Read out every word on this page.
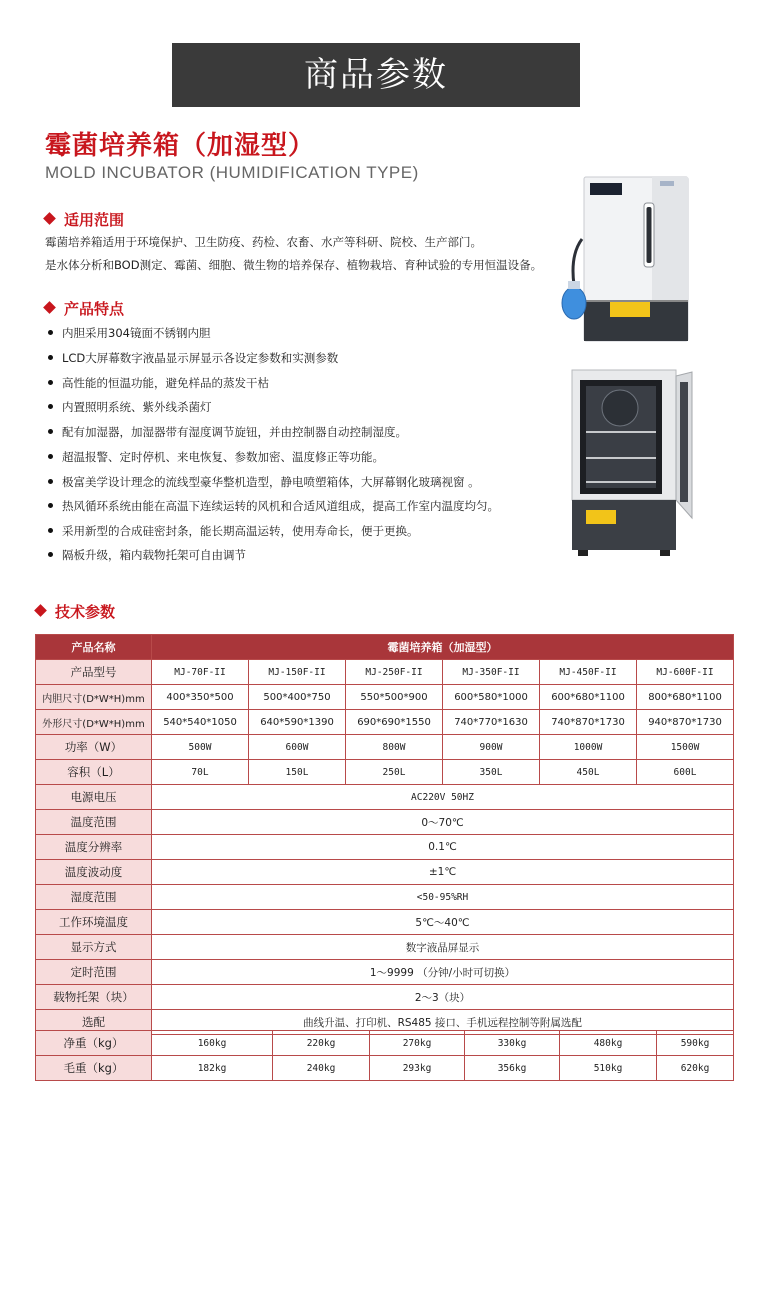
商品参数
霉菌培养箱（加湿型）
MOLD INCUBATOR (HUMIDIFICATION TYPE)
适用范围
霉菌培养箱适用于环境保护、卫生防疫、药检、农畜、水产等科研、院校、生产部门。
是水体分析和BOD测定、霉菌、细胞、微生物的培养保存、植物栽培、育种试验的专用恒温设备。
产品特点
内胆采用304镜面不锈钢内胆
LCD大屏幕数字液晶显示屏显示各设定参数和实测参数
高性能的恒温功能，避免样品的蒸发干枯
内置照明系统、紫外线杀菌灯
配有加湿器，加湿器带有湿度调节旋钮，并由控制器自动控制湿度。
超温报警、定时停机、来电恢复、参数加密、温度修正等功能。
极富美学设计理念的流线型豪华整机造型，静电喷塑箱体，大屏幕钢化玻璃视窗 。
热风循环系统由能在高温下连续运转的风机和合适风道组成，提高工作室内温度均匀。
采用新型的合成硅密封条，能长期高温运转，使用寿命长，便于更换。
隔板升级，箱内载物托架可自由调节
技术参数
产品名称	霉菌培养箱（加湿型）					
产品型号	MJ-70F-II	MJ-150F-II	MJ-250F-II	MJ-350F-II	MJ-450F-II	MJ-600F-II
内胆尺寸(D*W*H)mm	400*350*500	500*400*750	550*500*900	600*580*1000	600*680*1100	800*680*1100
外形尺寸(D*W*H)mm	540*540*1050	640*590*1390	690*690*1550	740*770*1630	740*870*1730	940*870*1730
功率（W）	500W	600W	800W	900W	1000W	1500W
容积（L）	70L	150L	250L	350L	450L	600L
电源电压	AC220V 50HZ					
温度范围	0～70℃					
温度分辨率	0.1℃					
温度波动度	±1℃					
湿度范围	<50-95%RH					
工作环境温度	5℃～40℃					
显示方式	数字液晶屏显示					
定时范围	1～9999 （分钟/小时可切换）					
载物托架（块）	2～3（块）					
选配	曲线升温、打印机、RS485 接口、手机远程控制等附属选配					
净重（kg）	160kg	220kg	270kg	330kg	480kg	590kg
毛重（kg）	182kg	240kg	293kg	356kg	510kg	620kg
